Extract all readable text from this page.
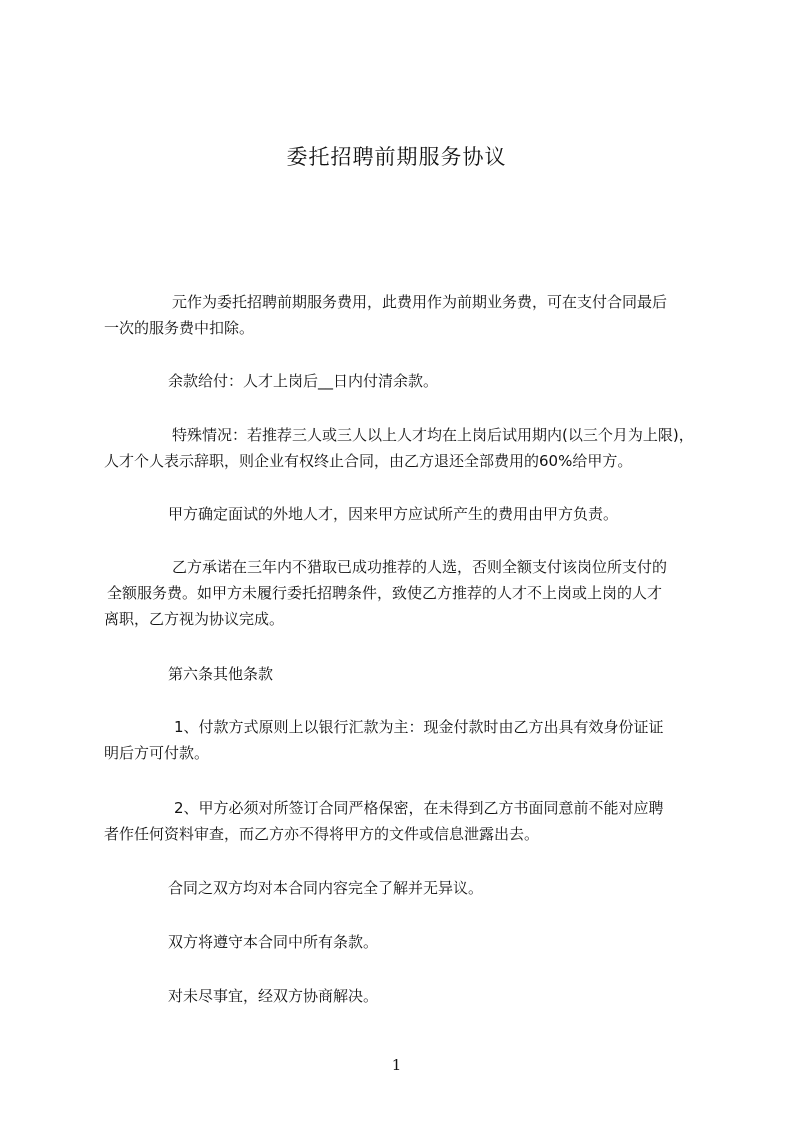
委托招聘前期服务协议
元作为委托招聘前期服务费用，此费用作为前期业务费，可在支付合同最后
一次的服务费中扣除。
余款给付：人才上岗后__日内付清余款。
特殊情况：若推荐三人或三人以上人才均在上岗后试用期内(以三个月为上限)，
人才个人表示辞职，则企业有权终止合同，由乙方退还全部费用的60%给甲方。
甲方确定面试的外地人才，因来甲方应试所产生的费用由甲方负责。
乙方承诺在三年内不猎取已成功推荐的人选，否则全额支付该岗位所支付的
全额服务费。如甲方未履行委托招聘条件，致使乙方推荐的人才不上岗或上岗的人才
离职，乙方视为协议完成。
第六条其他条款
1、付款方式原则上以银行汇款为主：现金付款时由乙方出具有效身份证证
明后方可付款。
2、甲方必须对所签订合同严格保密，在未得到乙方书面同意前不能对应聘
者作任何资料审查，而乙方亦不得将甲方的文件或信息泄露出去。
合同之双方均对本合同内容完全了解并无异议。
双方将遵守本合同中所有条款。
对未尽事宜，经双方协商解决。
1
